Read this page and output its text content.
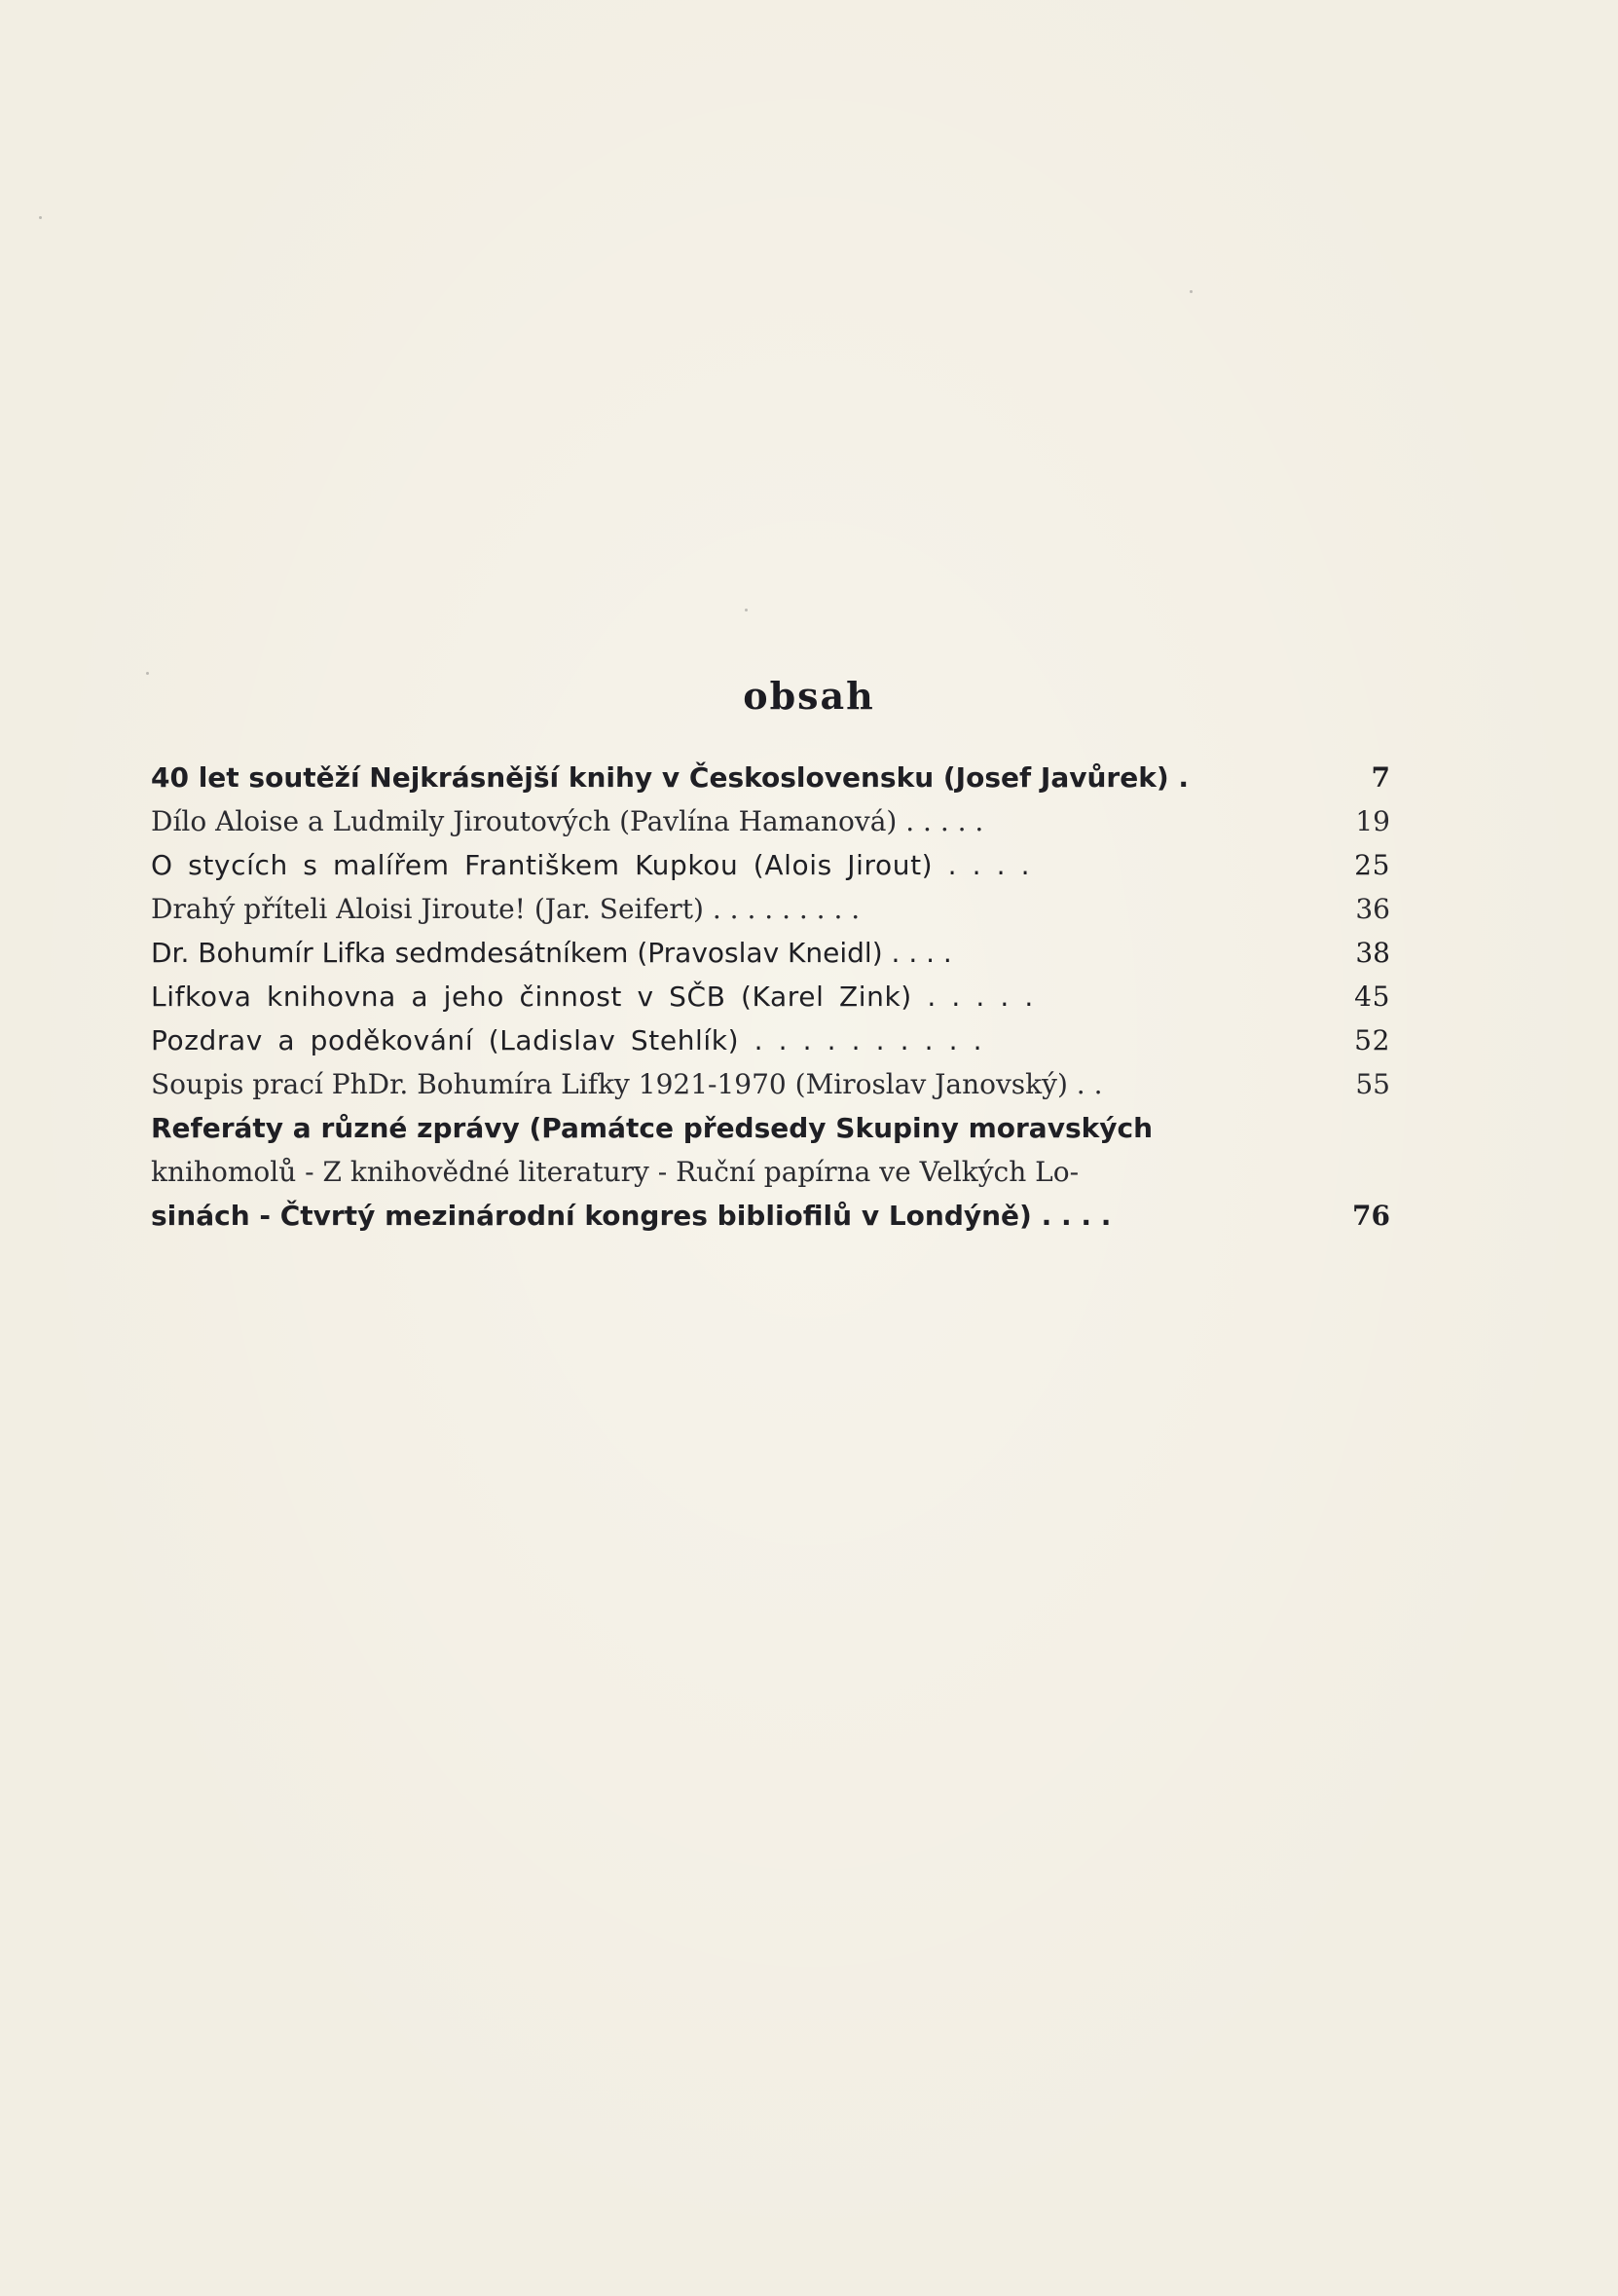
obsah
40 let soutěží Nejkrásnější knihy v Československu (Josef Javůrek) .	7
Dílo Aloise a Ludmily Jiroutových (Pavlína Hamanová) . . . . .	19
O stycích s malířem Františkem Kupkou (Alois Jirout) . . . .	25
Drahý příteli Aloisi Jiroute! (Jar. Seifert) . . . . . . . . .	36
Dr. Bohumír Lifka sedmdesátníkem (Pravoslav Kneidl) . . . .	38
Lifkova knihovna a jeho činnost v SČB (Karel Zink) . . . . .	45
Pozdrav a poděkování (Ladislav Stehlík) . . . . . . . . . .	52
Soupis prací PhDr. Bohumíra Lifky 1921-1970 (Miroslav Janovský) . .	55
Referáty a různé zprávy (Památce předsedy Skupiny moravských
knihomolů - Z knihovědné literatury - Ruční papírna ve Velkých Lo-
sinách - Čtvrtý mezinárodní kongres bibliofilů v Londýně) . . . .	76
